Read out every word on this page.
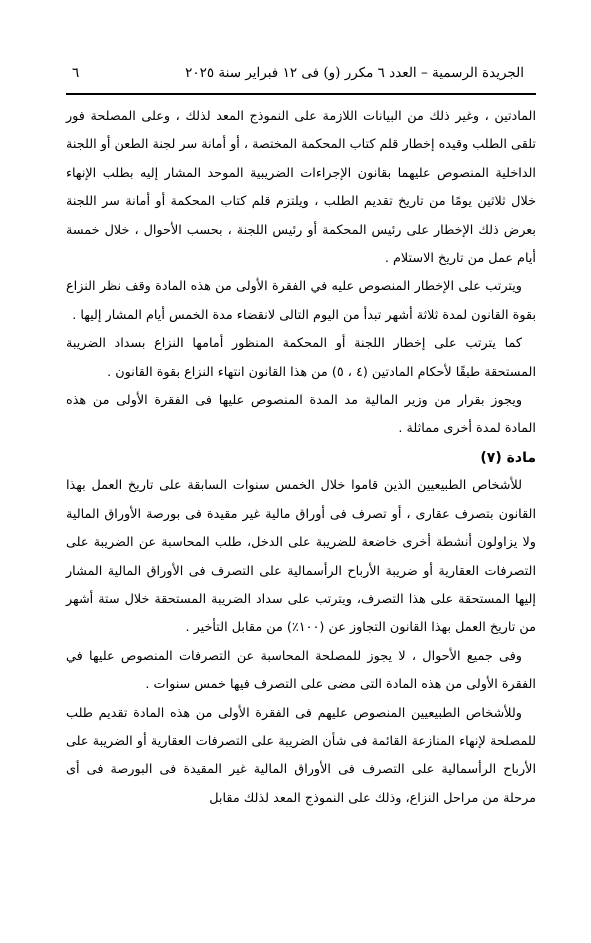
الجريدة الرسمية – العدد ٦ مكرر (و) فى ١٢ فبراير سنة ٢٠٢٥
٦

المادتين ، وغير ذلك من البيانات اللازمة على النموذج المعد لذلك ، وعلى المصلحة فور تلقى الطلب وقيده إخطار قلم كتاب المحكمة المختصة ، أو أمانة سر لجنة الطعن أو اللجنة الداخلية المنصوص عليهما بقانون الإجراءات الضريبية الموحد المشار إليه بطلب الإنهاء خلال ثلاثين يومًا من تاريخ تقديم الطلب ، ويلتزم قلم كتاب المحكمة أو أمانة سر اللجنة بعرض ذلك الإخطار على رئيس المحكمة أو رئيس اللجنة ، بحسب الأحوال ، خلال خمسة أيام عمل من تاريخ الاستلام .

ويترتب على الإخطار المنصوص عليه في الفقرة الأولى من هذه المادة وقف نظر النزاع بقوة القانون لمدة ثلاثة أشهر تبدأ من اليوم التالى لانقضاء مدة الخمس أيام المشار إليها .

كما يترتب على إخطار اللجنة أو المحكمة المنظور أمامها النزاع بسداد الضريبة المستحقة طبقًا لأحكام المادتين (٤ ، ٥) من هذا القانون انتهاء النزاع بقوة القانون .

ويجوز بقرار من وزير المالية مد المدة المنصوص عليها فى الفقرة الأولى من هذه المادة لمدة أخرى مماثلة .

مادة (٧)

للأشخاص الطبيعيين الذين قاموا خلال الخمس سنوات السابقة على تاريخ العمل بهذا القانون بتصرف عقارى ، أو تصرف فى أوراق مالية غير مقيدة فى بورصة الأوراق المالية ولا يزاولون أنشطة أخرى خاضعة للضريبة على الدخل، طلب المحاسبة عن الضريبة على التصرفات العقارية أو ضريبة الأرباح الرأسمالية على التصرف فى الأوراق المالية المشار إليها المستحقة على هذا التصرف، ويترتب على سداد الضريبة المستحقة خلال ستة أشهر من تاريخ العمل بهذا القانون التجاوز عن (١٠٠٪) من مقابل التأخير .

وفى جميع الأحوال ، لا يجوز للمصلحة المحاسبة عن التصرفات المنصوص عليها في الفقرة الأولى من هذه المادة التى مضى على التصرف فيها خمس سنوات .

وللأشخاص الطبيعيين المنصوص عليهم فى الفقرة الأولى من هذه المادة تقديم طلب للمصلحة لإنهاء المنازعة القائمة فى شأن الضريبة على التصرفات العقارية أو الضريبة على الأرباح الرأسمالية على التصرف فى الأوراق المالية غير المقيدة فى البورصة فى أى مرحلة من مراحل النزاع، وذلك على النموذج المعد لذلك مقابل
